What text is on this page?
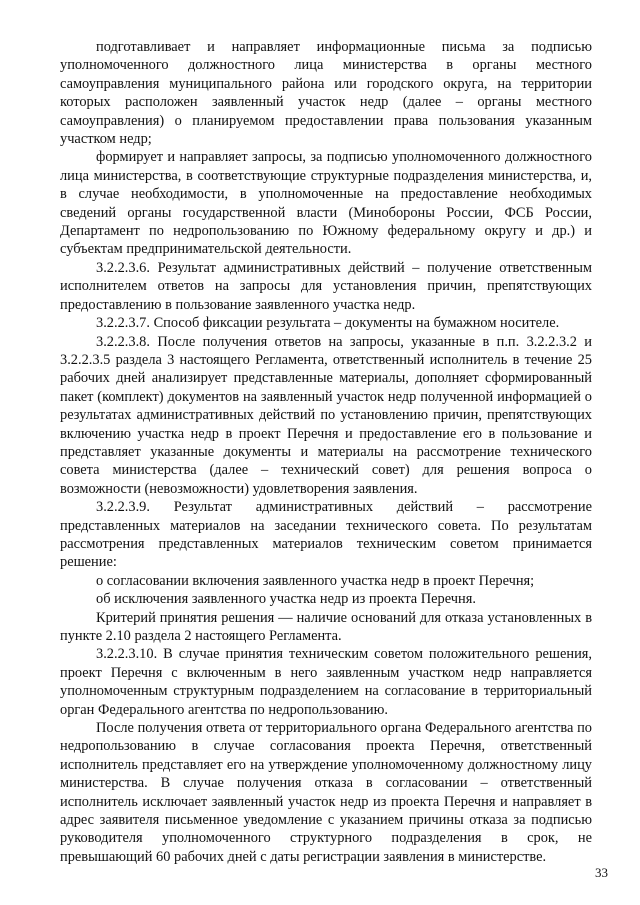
подготавливает и направляет информационные письма за подписью уполномоченного должностного лица министерства в органы местного самоуправления муниципального района или городского округа, на территории которых расположен заявленный участок недр (далее – органы местного самоуправления) о планируемом предоставлении права пользования указанным участком недр;

формирует и направляет запросы, за подписью уполномоченного должностного лица министерства, в соответствующие структурные подразделения министерства, и, в случае необходимости, в уполномоченные на предоставление необходимых сведений органы государственной власти (Минобороны России, ФСБ России, Департамент по недропользованию по Южному федеральному округу и др.) и субъектам предпринимательской деятельности.

3.2.2.3.6. Результат административных действий – получение ответственным исполнителем ответов на запросы для установления причин, препятствующих предоставлению в пользование заявленного участка недр.

3.2.2.3.7. Способ фиксации результата – документы на бумажном носителе.

3.2.2.3.8. После получения ответов на запросы, указанные в п.п. 3.2.2.3.2 и 3.2.2.3.5 раздела 3 настоящего Регламента, ответственный исполнитель в течение 25 рабочих дней анализирует представленные материалы, дополняет сформированный пакет (комплект) документов на заявленный участок недр полученной информацией о результатах административных действий по установлению причин, препятствующих включению участка недр в проект Перечня и предоставление его в пользование и представляет указанные документы и материалы на рассмотрение технического совета министерства (далее – технический совет) для решения вопроса о возможности (невозможности) удовлетворения заявления.

3.2.2.3.9. Результат административных действий – рассмотрение представленных материалов на заседании технического совета. По результатам рассмотрения представленных материалов техническим советом принимается решение:

о согласовании включения заявленного участка недр в проект Перечня;

об исключения заявленного участка недр из проекта Перечня.

Критерий принятия решения — наличие оснований для отказа установленных в пункте 2.10 раздела 2 настоящего Регламента.

3.2.2.3.10. В случае принятия техническим советом положительного решения, проект Перечня с включенным в него заявленным участком недр направляется уполномоченным структурным подразделением на согласование в территориальный орган Федерального агентства по недропользованию.

После получения ответа от территориального органа Федерального агентства по недропользованию в случае согласования проекта Перечня, ответственный исполнитель представляет его на утверждение уполномоченному должностному лицу министерства. В случае получения отказа в согласовании – ответственный исполнитель исключает заявленный участок недр из проекта Перечня и направляет в адрес заявителя письменное уведомление с указанием причины отказа за подписью руководителя уполномоченного структурного подразделения в срок, не превышающий 60 рабочих дней с даты регистрации заявления в министерстве.

33
